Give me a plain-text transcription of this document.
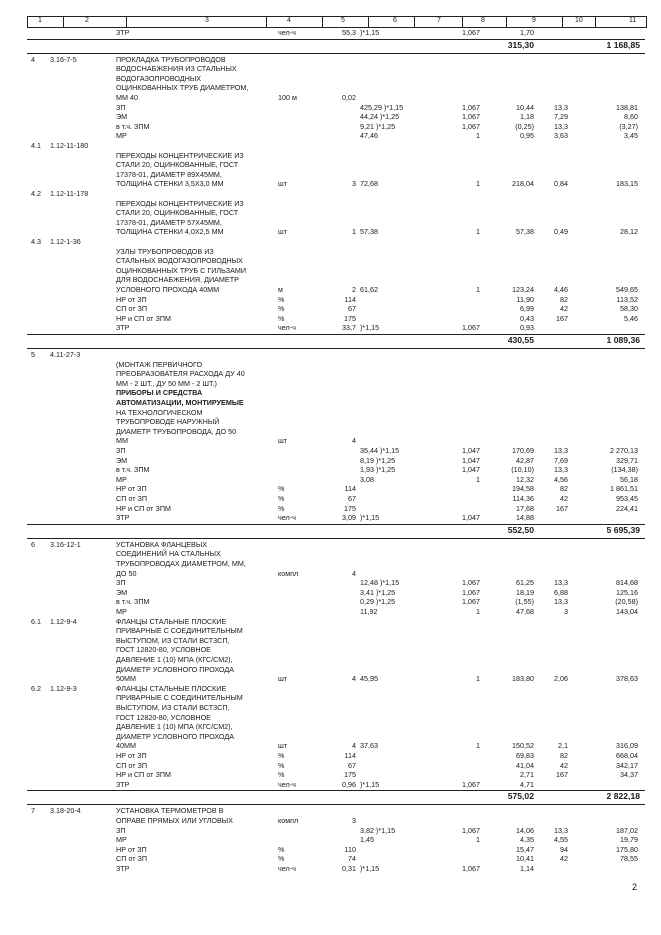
1	2	3	4	5	6	7	8	9	10	11
ЗТР	чел-ч	55,3 )*1,15	1,067	1,70
315,30	1 168,85
4	3.16-7-5	ПРОКЛАДКА ТРУБОПРОВОДОВ
ВОДОСНАБЖЕНИЯ ИЗ СТАЛЬНЫХ
ВОДОГАЗОПРОВОДНЫХ
ОЦИНКОВАННЫХ ТРУБ ДИАМЕТРОМ,
ММ 40	100 м	0,02
ЗП	425,29 )*1,15	1,067	10,44	13,3	138,81
ЭМ	44,24 )*1,25	1,067	1,18	7,29	8,60
в т.ч. ЗПМ	9,21 )*1,25	1,067	(0,25)	13,3	(3,27)
МР	47,46	1	0,95	3,63	3,45
4.1 1.12-11-180
ПЕРЕХОДЫ КОНЦЕНТРИЧЕСКИЕ ИЗ
СТАЛИ 20, ОЦИНКОВАННЫЕ, ГОСТ
17378-01, ДИАМЕТР 89Х45ММ,
ТОЛЩИНА СТЕНКИ 3,5Х3,0 ММ	шт	3 72,68	1	218,04	0,84	183,15
4.2 1.12-11-178
ПЕРЕХОДЫ КОНЦЕНТРИЧЕСКИЕ ИЗ
СТАЛИ 20, ОЦИНКОВАННЫЕ, ГОСТ
17378-01, ДИАМЕТР 57Х45ММ,
ТОЛЩИНА СТЕНКИ 4,0Х2,5 ММ	шт	1 57,38	1	57,38	0,49	28,12
4.3 1.12-1-36
УЗЛЫ ТРУБОПРОВОДОВ ИЗ
СТАЛЬНЫХ ВОДОГАЗОПРОВОДНЫХ
ОЦИНКОВАННЫХ ТРУБ С ГИЛЬЗАМИ
ДЛЯ ВОДОСНАБЖЕНИЯ, ДИАМЕТР
УСЛОВНОГО ПРОХОДА 40ММ	м	2 61,62	1	123,24	4,46	549,65
НР от ЗП	%	114	11,90	82	113,52
СП от ЗП	%	67	6,99	42	58,30
НР и СП от ЗПМ	%	175	0,43	167	5,46
ЗТР	чел-ч	33,7 )*1,15	1,067	0,93
430,55	1 089,36
5	4.11-27-3
(МОНТАЖ ПЕРВИЧНОГО
ПРЕОБРАЗОВАТЕЛЯ РАСХОДА ДУ 40
ММ - 2 ШТ., ДУ 50 ММ - 2 ШТ.)
ПРИБОРЫ И СРЕДСТВА
АВТОМАТИЗАЦИИ, МОНТИРУЕМЫЕ
НА ТЕХНОЛОГИЧЕСКОМ
ТРУБОПРОВОДЕ НАРУЖНЫЙ
ДИАМЕТР ТРУБОПРОВОДА, ДО 50
ММ	шт	4
ЗП	35,44 )*1,15	1,047	170,69	13,3	2 270,13
ЭМ	8,19 )*1,25	1,047	42,87	7,69	329,71
в т.ч. ЗПМ	1,93 )*1,25	1,047	(10,10)	13,3	(134,38)
МР	3,08	1	12,32	4,56	56,18
НР от ЗП	%	114	194,58	82	1 861,51
СП от ЗП	%	67	114,36	42	953,45
НР и СП от ЗПМ	%	175	17,68	167	224,41
ЗТР	чел-ч	3,09 )*1,15	1,047	14,88
552,50	5 695,39
6	3.16-12-1	УСТАНОВКА ФЛАНЦЕВЫХ
СОЕДИНЕНИЙ НА СТАЛЬНЫХ
ТРУБОПРОВОДАХ ДИАМЕТРОМ, ММ,
ДО 50	компл	4
ЗП	12,48 )*1,15	1,067	61,25	13,3	814,68
ЭМ	3,41 )*1,25	1,067	18,19	6,88	125,16
в т.ч. ЗПМ	0,29 )*1,25	1,067	(1,55)	13,3	(20,58)
МР	11,92	1	47,68	3	143,04
6.1 1.12-9-4	ФЛАНЦЫ СТАЛЬНЫЕ ПЛОСКИЕ
ПРИВАРНЫЕ С СОЕДИНИТЕЛЬНЫМ
ВЫСТУПОМ, ИЗ СТАЛИ ВСТ3СП,
ГОСТ 12820-80, УСЛОВНОЕ
ДАВЛЕНИЕ 1 (10) МПА (КГС/СМ2),
ДИАМЕТР УСЛОВНОГО ПРОХОДА
50ММ	шт	4 45,95	1	183,80	2,06	378,63
6.2 1.12-9-3	ФЛАНЦЫ СТАЛЬНЫЕ ПЛОСКИЕ
ПРИВАРНЫЕ С СОЕДИНИТЕЛЬНЫМ
ВЫСТУПОМ, ИЗ СТАЛИ ВСТ3СП,
ГОСТ 12820-80, УСЛОВНОЕ
ДАВЛЕНИЕ 1 (10) МПА (КГС/СМ2),
ДИАМЕТР УСЛОВНОГО ПРОХОДА
40ММ	шт	4 37,63	1	150,52	2,1	316,09
НР от ЗП	%	114	69,83	82	668,04
СП от ЗП	%	67	41,04	42	342,17
НР и СП от ЗПМ	%	175	2,71	167	34,37
ЗТР	чел-ч	0,96 )*1,15	1,067	4,71
575,02	2 822,18
7	3.18-20-4	УСТАНОВКА ТЕРМОМЕТРОВ В
ОПРАВЕ ПРЯМЫХ ИЛИ УГЛОВЫХ	компл	3
ЗП	3,82 )*1,15	1,067	14,06	13,3	187,02
МР	1,45	1	4,35	4,55	19,79
НР от ЗП	%	110	15,47	94	175,80
СП от ЗП	%	74	10,41	42	78,55
ЗТР	чел-ч	0,31 )*1,15	1,067	1,14
2
